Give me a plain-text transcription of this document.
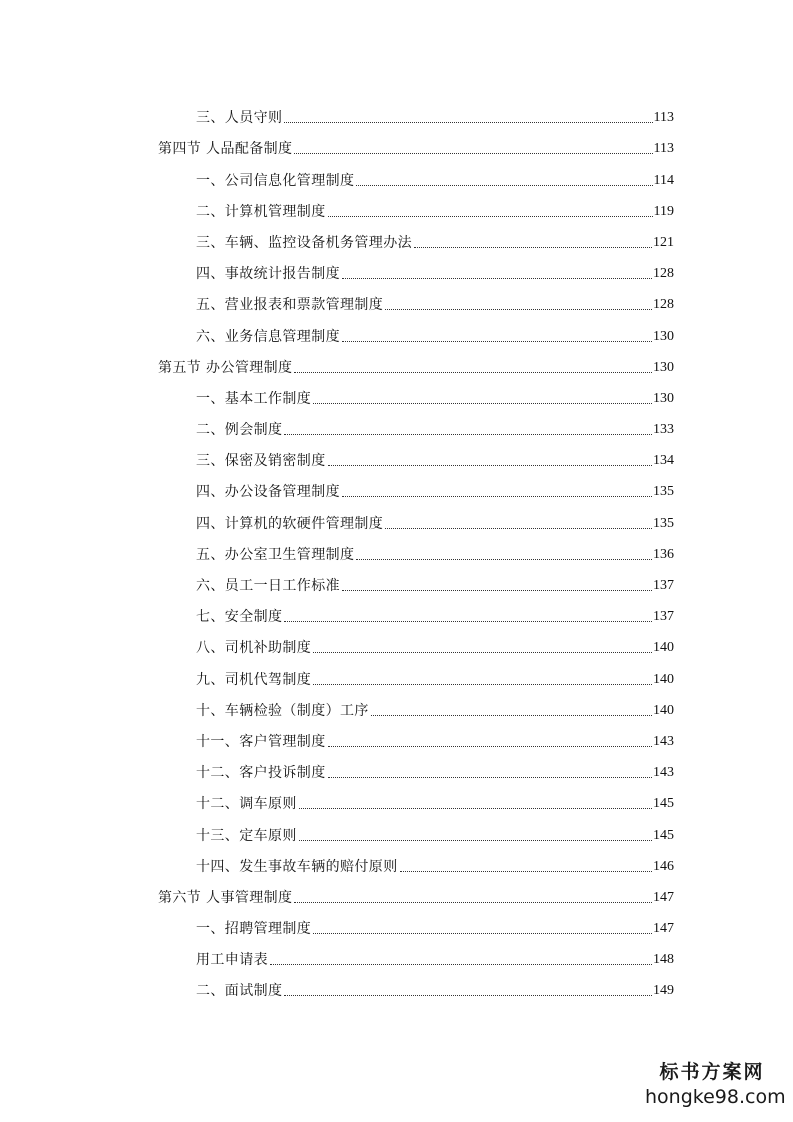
三、人员守则	113
第四节 人品配备制度	113
一、公司信息化管理制度	114
二、计算机管理制度	119
三、车辆、监控设备机务管理办法	121
四、事故统计报告制度	128
五、营业报表和票款管理制度	128
六、业务信息管理制度	130
第五节 办公管理制度	130
一、基本工作制度	130
二、例会制度	133
三、保密及销密制度	134
四、办公设备管理制度	135
四、计算机的软硬件管理制度	135
五、办公室卫生管理制度	136
六、员工一日工作标准	137
七、安全制度	137
八、司机补助制度	140
九、司机代驾制度	140
十、车辆检验（制度）工序	140
十一、客户管理制度	143
十二、客户投诉制度	143
十二、调车原则	145
十三、定车原则	145
十四、发生事故车辆的赔付原则	146
第六节 人事管理制度	147
一、招聘管理制度	147
用工申请表	148
二、面试制度	149
标书方案网
hongke98.com
